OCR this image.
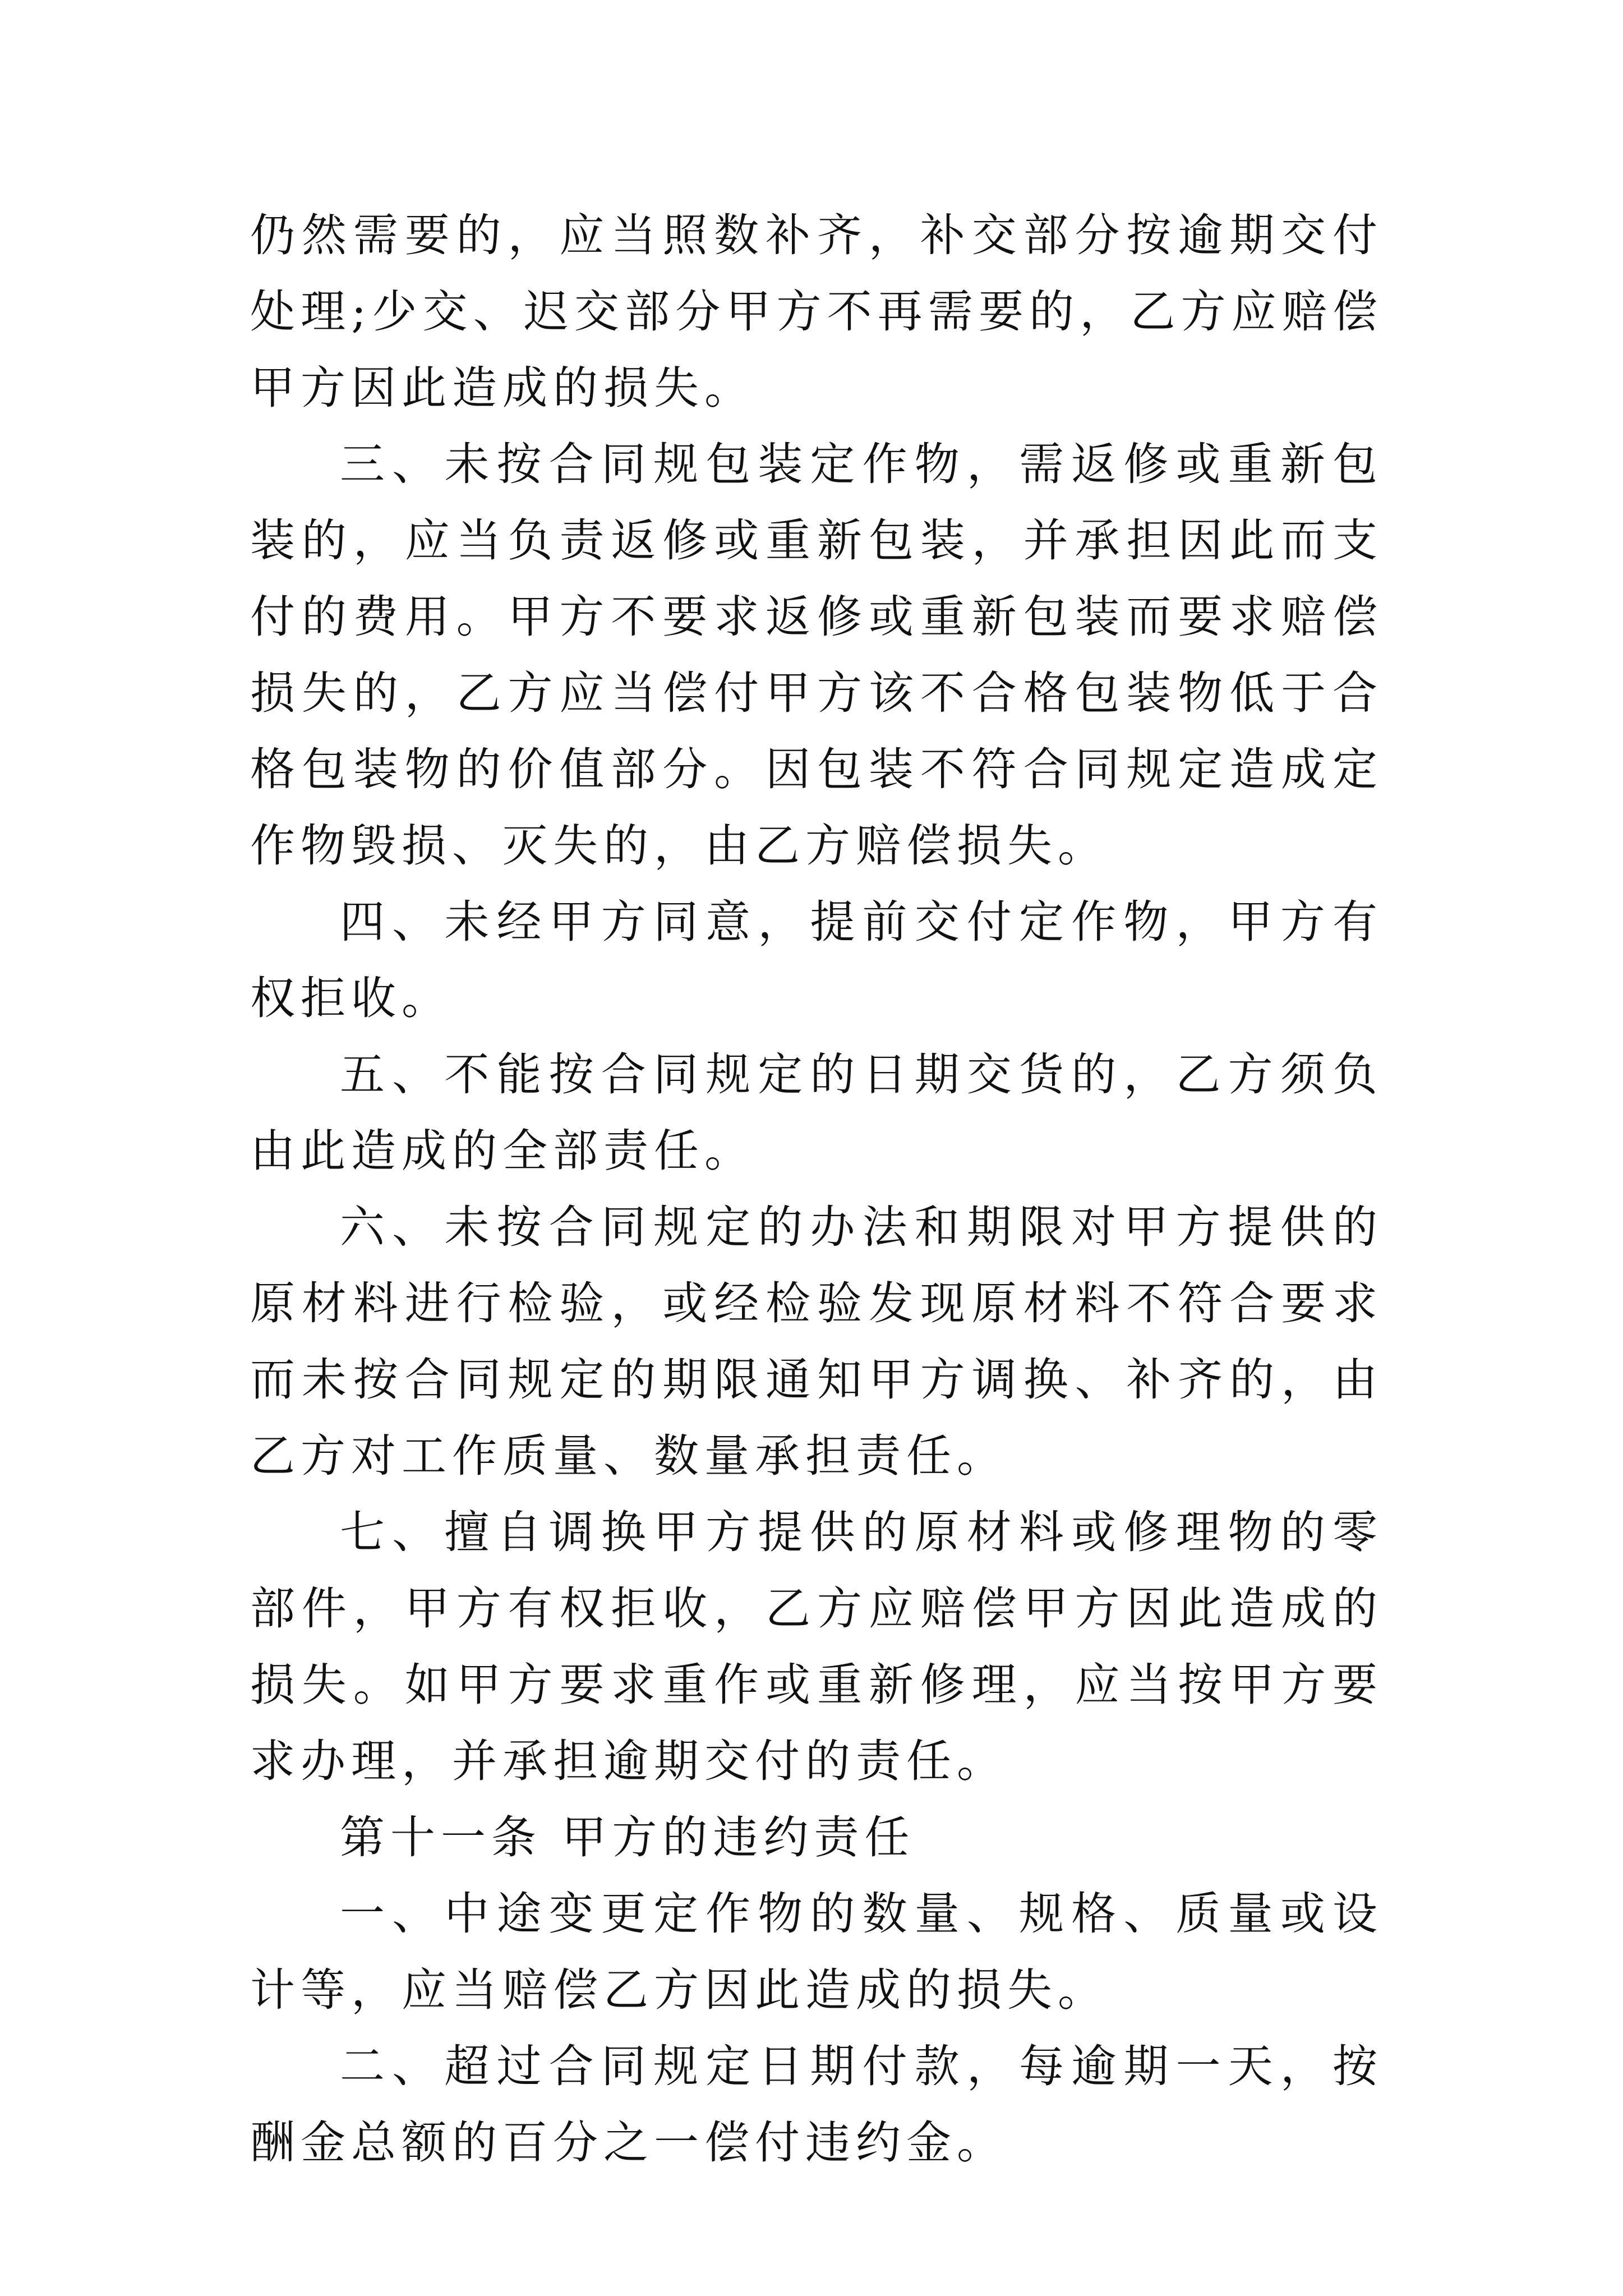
仍然需要的，应当照数补齐，补交部分按逾期交付处理;少交、迟交部分甲方不再需要的，乙方应赔偿甲方因此造成的损失。

三、未按合同规包装定作物，需返修或重新包装的，应当负责返修或重新包装，并承担因此而支付的费用。甲方不要求返修或重新包装而要求赔偿损失的，乙方应当偿付甲方该不合格包装物低于合格包装物的价值部分。因包装不符合同规定造成定作物毁损、灭失的，由乙方赔偿损失。

四、未经甲方同意，提前交付定作物，甲方有权拒收。

五、不能按合同规定的日期交货的，乙方须负由此造成的全部责任。

六、未按合同规定的办法和期限对甲方提供的原材料进行检验，或经检验发现原材料不符合要求而未按合同规定的期限通知甲方调换、补齐的，由乙方对工作质量、数量承担责任。

七、擅自调换甲方提供的原材料或修理物的零部件，甲方有权拒收，乙方应赔偿甲方因此造成的损失。如甲方要求重作或重新修理，应当按甲方要求办理，并承担逾期交付的责任。

第十一条 甲方的违约责任

一、中途变更定作物的数量、规格、质量或设计等，应当赔偿乙方因此造成的损失。

二、超过合同规定日期付款，每逾期一天，按酬金总额的百分之一偿付违约金。
